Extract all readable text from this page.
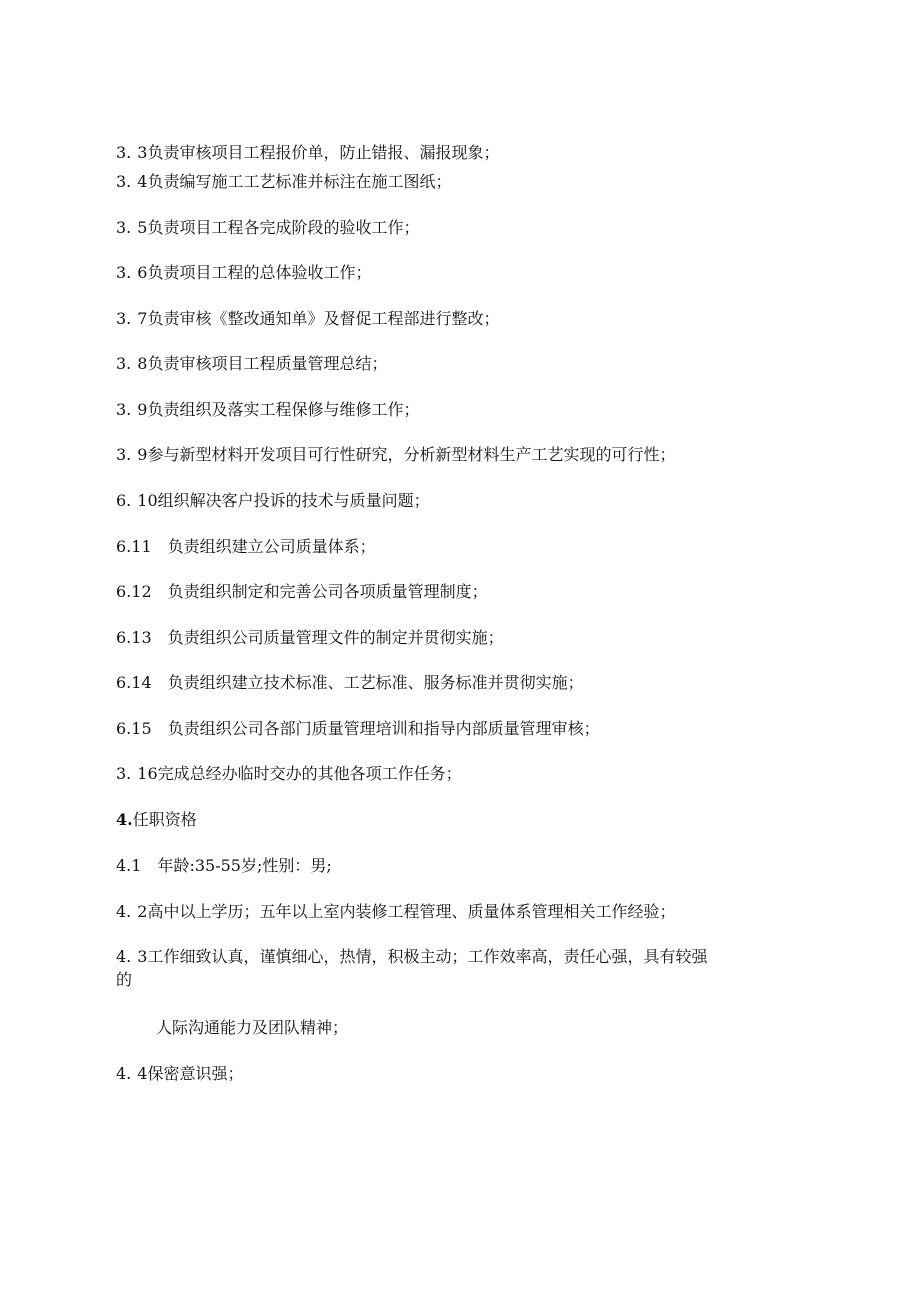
3. 3负责审核项目工程报价单，防止错报、漏报现象；
3. 4负责编写施工工艺标准并标注在施工图纸；
3. 5负责项目工程各完成阶段的验收工作；
3. 6负责项目工程的总体验收工作；
3. 7负责审核《整改通知单》及督促工程部进行整改；
3. 8负责审核项目工程质量管理总结；
3. 9负责组织及落实工程保修与维修工作；
3. 9参与新型材料开发项目可行性研究，分析新型材料生产工艺实现的可行性；
6. 10组织解决客户投诉的技术与质量问题；
6.11 负责组织建立公司质量体系；
6.12 负责组织制定和完善公司各项质量管理制度；
6.13 负责组织公司质量管理文件的制定并贯彻实施；
6.14 负责组织建立技术标准、工艺标准、服务标准并贯彻实施；
6.15 负责组织公司各部门质量管理培训和指导内部质量管理审核；
3. 16完成总经办临时交办的其他各项工作任务；
4.任职资格
4.1 年龄:35-55岁;性别：男;
4. 2高中以上学历；五年以上室内装修工程管理、质量体系管理相关工作经验；
4. 3工作细致认真，谨慎细心，热情，积极主动；工作效率高，责任心强，具有较强
的
人际沟通能力及团队精神；
4. 4保密意识强；
